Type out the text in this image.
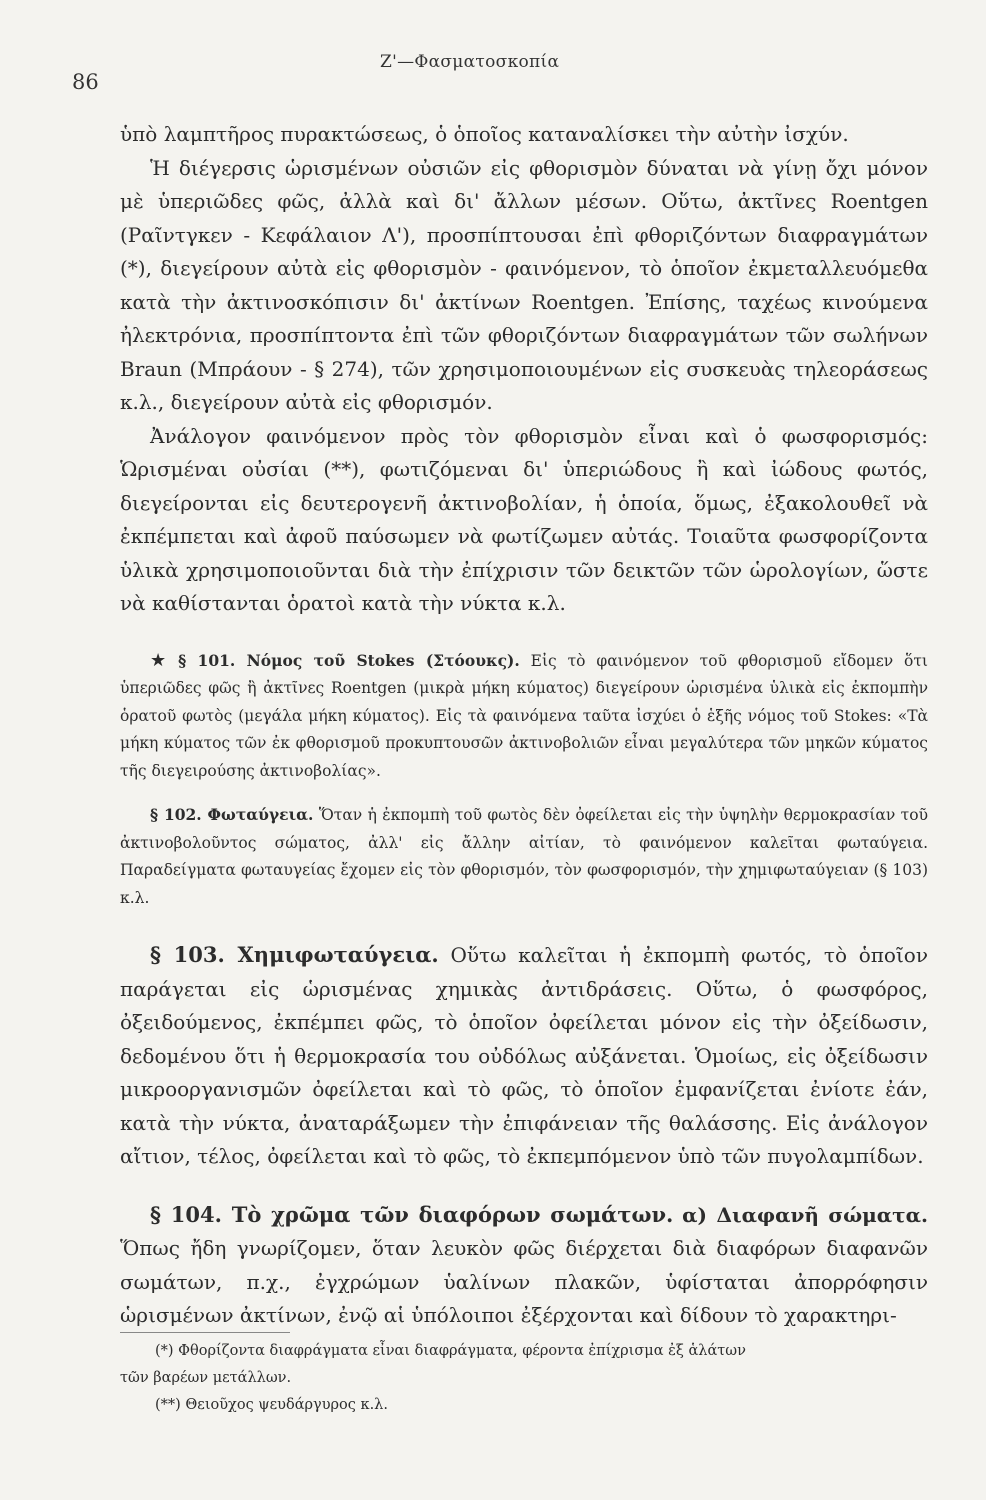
86
Ζ'—Φασματοσκοπία

ὑπὸ λαμπτῆρος πυρακτώσεως, ὁ ὁποῖος καταναλίσκει τὴν αὐτὴν ἰσχύν.

Ἡ διέγερσις ὡρισμένων οὐσιῶν εἰς φθορισμὸν δύναται νὰ γίνῃ ὄχι μόνον μὲ ὑπεριῶδες φῶς, ἀλλὰ καὶ δι' ἄλλων μέσων. Οὕτω, ἀκτῖνες Roentgen (Ραῖντγκεν - Κεφάλαιον Λ'), προσπίπτουσαι ἐπὶ φθοριζόντων διαφραγμάτων (*), διεγείρουν αὐτὰ εἰς φθορισμὸν - φαινόμενον, τὸ ὁποῖον ἐκμεταλλευόμεθα κατὰ τὴν ἀκτινοσκόπισιν δι' ἀκτίνων Roentgen. Ἐπίσης, ταχέως κινούμενα ἠλεκτρόνια, προσπίπτοντα ἐπὶ τῶν φθοριζόντων διαφραγμάτων τῶν σωλήνων Braun (Μπράουν - § 274), τῶν χρησιμοποιουμένων εἰς συσκευὰς τηλεοράσεως κ.λ., διεγείρουν αὐτὰ εἰς φθορισμόν.

Ἀνάλογον φαινόμενον πρὸς τὸν φθορισμὸν εἶναι καὶ ὁ φωσφορισμός: Ὡρισμέναι οὐσίαι (**), φωτιζόμεναι δι' ὑπεριώδους ἢ καὶ ἰώδους φωτός, διεγείρονται εἰς δευτερογενῆ ἀκτινοβολίαν, ἡ ὁποία, ὅμως, ἐξακολουθεῖ νὰ ἐκπέμπεται καὶ ἀφοῦ παύσωμεν νὰ φωτίζωμεν αὐτάς. Τοιαῦτα φωσφορίζοντα ὑλικὰ χρησιμοποιοῦνται διὰ τὴν ἐπίχρισιν τῶν δεικτῶν τῶν ὡρολογίων, ὥστε νὰ καθίστανται ὁρατοὶ κατὰ τὴν νύκτα κ.λ.

★ § 101. Νόμος τοῦ Stokes (Στόουκς). Εἰς τὸ φαινόμενον τοῦ φθορισμοῦ εἴδομεν ὅτι ὑπεριῶδες φῶς ἢ ἀκτῖνες Roentgen (μικρὰ μήκη κύματος) διεγείρουν ὡρισμένα ὑλικὰ εἰς ἐκπομπὴν ὁρατοῦ φωτὸς (μεγάλα μήκη κύματος). Εἰς τὰ φαινόμενα ταῦτα ἰσχύει ὁ ἑξῆς νόμος τοῦ Stokes: «Τὰ μήκη κύματος τῶν ἐκ φθορισμοῦ προκυπτουσῶν ἀκτινοβολιῶν εἶναι μεγαλύτερα τῶν μηκῶν κύματος τῆς διεγειρούσης ἀκτινοβολίας».

§ 102. Φωταύγεια. Ὅταν ἡ ἐκπομπὴ τοῦ φωτὸς δὲν ὀφείλεται εἰς τὴν ὑψηλὴν θερμοκρασίαν τοῦ ἀκτινοβολοῦντος σώματος, ἀλλ' εἰς ἄλλην αἰτίαν, τὸ φαινόμενον καλεῖται φωταύγεια. Παραδείγματα φωταυγείας ἔχομεν εἰς τὸν φθορισμόν, τὸν φωσφορισμόν, τὴν χημιφωταύγειαν (§ 103) κ.λ.

§ 103. Χημιφωταύγεια. Οὕτω καλεῖται ἡ ἐκπομπὴ φωτός, τὸ ὁποῖον παράγεται εἰς ὡρισμένας χημικὰς ἀντιδράσεις. Οὕτω, ὁ φωσφόρος, ὀξειδούμενος, ἐκπέμπει φῶς, τὸ ὁποῖον ὀφείλεται μόνον εἰς τὴν ὀξείδωσιν, δεδομένου ὅτι ἡ θερμοκρασία του οὐδόλως αὐξάνεται. Ὁμοίως, εἰς ὀξείδωσιν μικροοργανισμῶν ὀφείλεται καὶ τὸ φῶς, τὸ ὁποῖον ἐμφανίζεται ἐνίοτε ἐάν, κατὰ τὴν νύκτα, ἀναταράξωμεν τὴν ἐπιφάνειαν τῆς θαλάσσης. Εἰς ἀνάλογον αἴτιον, τέλος, ὀφείλεται καὶ τὸ φῶς, τὸ ἐκπεμπόμενον ὑπὸ τῶν πυγολαμπίδων.

§ 104. Τὸ χρῶμα τῶν διαφόρων σωμάτων. α) Διαφανῆ σώματα. Ὅπως ἤδη γνωρίζομεν, ὅταν λευκὸν φῶς διέρχεται διὰ διαφόρων διαφανῶν σωμάτων, π.χ., ἐγχρώμων ὑαλίνων πλακῶν, ὑφίσταται ἀπορρόφησιν ὡρισμένων ἀκτίνων, ἐνῷ αἱ ὑπόλοιποι ἐξέρχονται καὶ δίδουν τὸ χαρακτηρι-

(*) Φθορίζοντα διαφράγματα εἶναι διαφράγματα, φέροντα ἐπίχρισμα ἐξ ἁλάτων

τῶν βαρέων μετάλλων.

(**) Θειοῦχος ψευδάργυρος κ.λ.
